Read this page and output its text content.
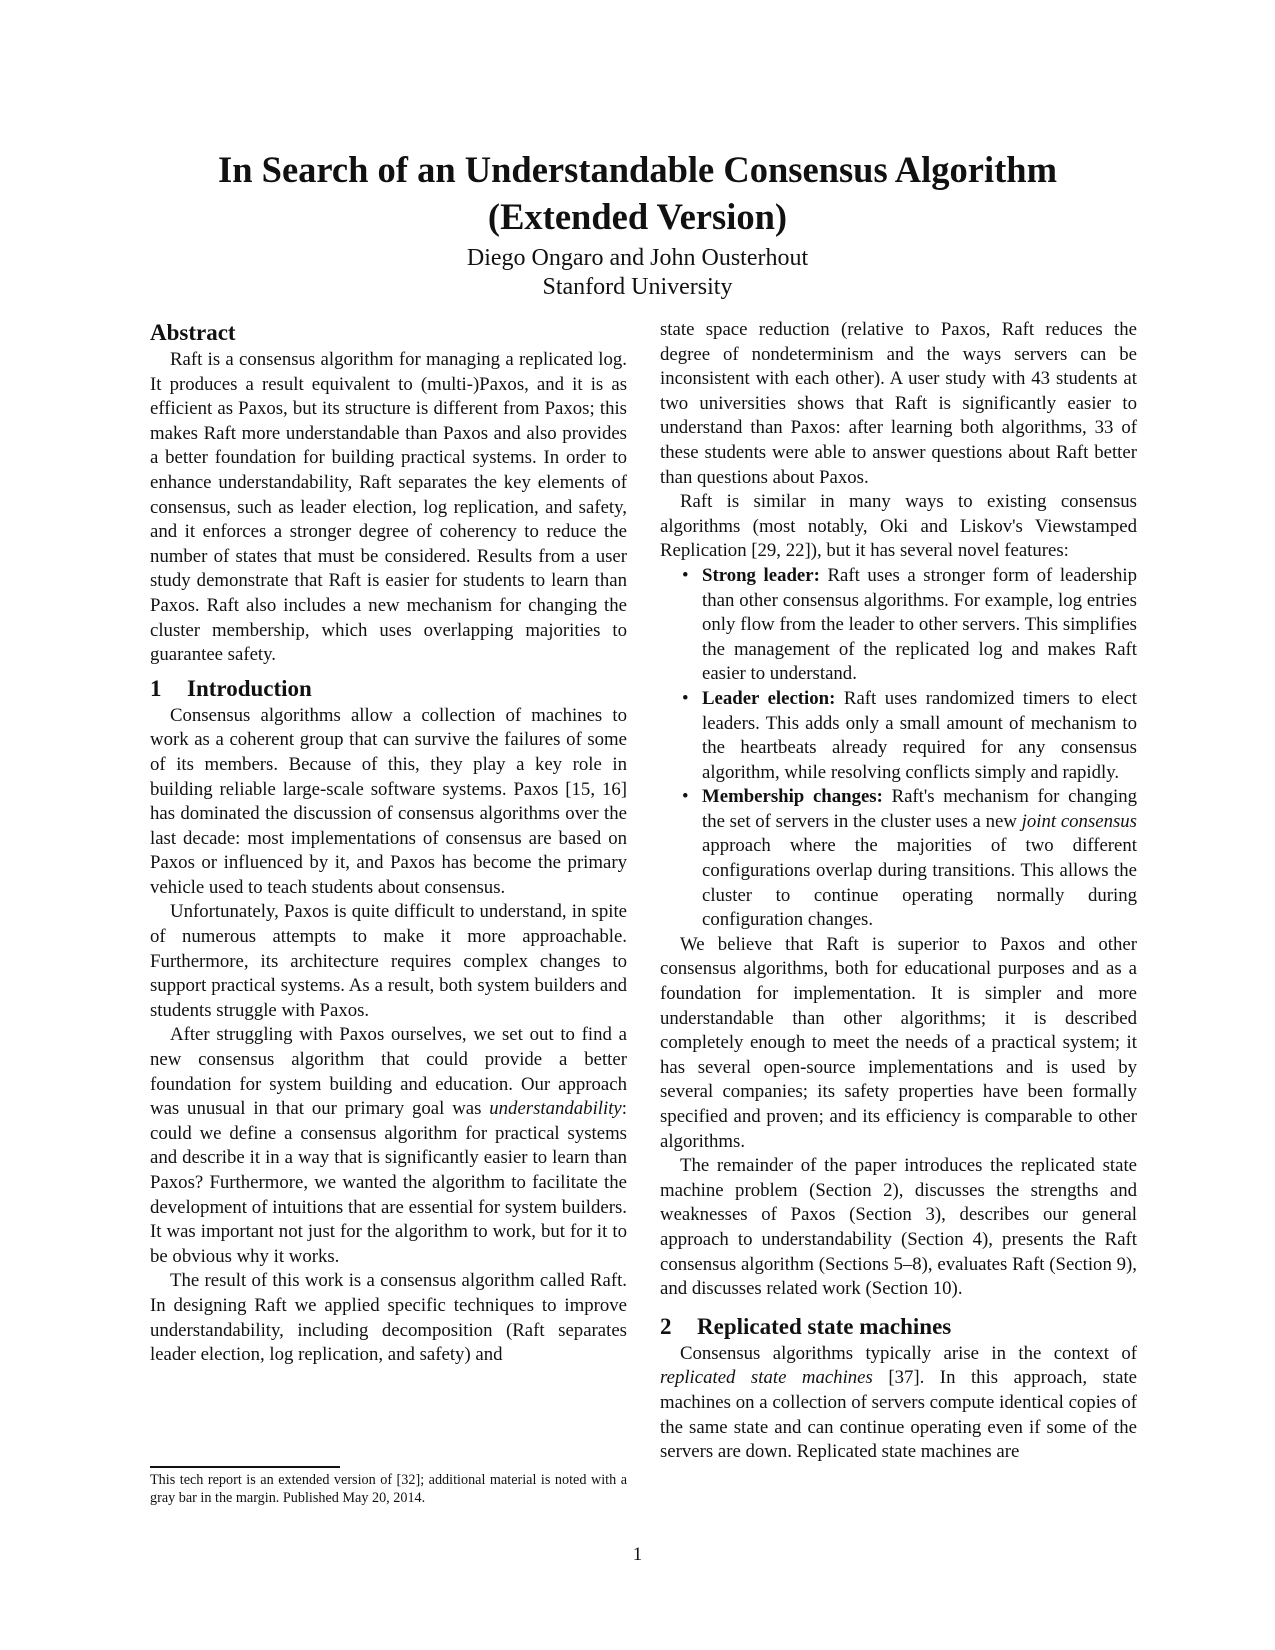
In Search of an Understandable Consensus Algorithm
(Extended Version)
Diego Ongaro and John Ousterhout
Stanford University
Abstract

Raft is a consensus algorithm for managing a replicated log. It produces a result equivalent to (multi-)Paxos, and it is as efficient as Paxos, but its structure is different from Paxos; this makes Raft more understandable than Paxos and also provides a better foundation for building practical systems. In order to enhance understandability, Raft separates the key elements of consensus, such as leader election, log replication, and safety, and it enforces a stronger degree of coherency to reduce the number of states that must be considered. Results from a user study demonstrate that Raft is easier for students to learn than Paxos. Raft also includes a new mechanism for changing the cluster membership, which uses overlapping majorities to guarantee safety.

1 Introduction

Consensus algorithms allow a collection of machines to work as a coherent group that can survive the failures of some of its members. Because of this, they play a key role in building reliable large-scale software systems. Paxos [15, 16] has dominated the discussion of consensus algorithms over the last decade: most implementations of consensus are based on Paxos or influenced by it, and Paxos has become the primary vehicle used to teach students about consensus.

Unfortunately, Paxos is quite difficult to understand, in spite of numerous attempts to make it more approachable. Furthermore, its architecture requires complex changes to support practical systems. As a result, both system builders and students struggle with Paxos.

After struggling with Paxos ourselves, we set out to find a new consensus algorithm that could provide a better foundation for system building and education. Our approach was unusual in that our primary goal was understandability: could we define a consensus algorithm for practical systems and describe it in a way that is significantly easier to learn than Paxos? Furthermore, we wanted the algorithm to facilitate the development of intuitions that are essential for system builders. It was important not just for the algorithm to work, but for it to be obvious why it works.

The result of this work is a consensus algorithm called Raft. In designing Raft we applied specific techniques to improve understandability, including decomposition (Raft separates leader election, log replication, and safety) and

This tech report is an extended version of [32]; additional material is noted with a gray bar in the margin. Published May 20, 2014.

state space reduction (relative to Paxos, Raft reduces the degree of nondeterminism and the ways servers can be inconsistent with each other). A user study with 43 students at two universities shows that Raft is significantly easier to understand than Paxos: after learning both algorithms, 33 of these students were able to answer questions about Raft better than questions about Paxos.

Raft is similar in many ways to existing consensus algorithms (most notably, Oki and Liskov's Viewstamped Replication [29, 22]), but it has several novel features:

• Strong leader: Raft uses a stronger form of leadership than other consensus algorithms. For example, log entries only flow from the leader to other servers. This simplifies the management of the replicated log and makes Raft easier to understand.
• Leader election: Raft uses randomized timers to elect leaders. This adds only a small amount of mechanism to the heartbeats already required for any consensus algorithm, while resolving conflicts simply and rapidly.
• Membership changes: Raft's mechanism for changing the set of servers in the cluster uses a new joint consensus approach where the majorities of two different configurations overlap during transitions. This allows the cluster to continue operating normally during configuration changes.

We believe that Raft is superior to Paxos and other consensus algorithms, both for educational purposes and as a foundation for implementation. It is simpler and more understandable than other algorithms; it is described completely enough to meet the needs of a practical system; it has several open-source implementations and is used by several companies; its safety properties have been formally specified and proven; and its efficiency is comparable to other algorithms.

The remainder of the paper introduces the replicated state machine problem (Section 2), discusses the strengths and weaknesses of Paxos (Section 3), describes our general approach to understandability (Section 4), presents the Raft consensus algorithm (Sections 5–8), evaluates Raft (Section 9), and discusses related work (Section 10).

2 Replicated state machines

Consensus algorithms typically arise in the context of replicated state machines [37]. In this approach, state machines on a collection of servers compute identical copies of the same state and can continue operating even if some of the servers are down. Replicated state machines are

1
